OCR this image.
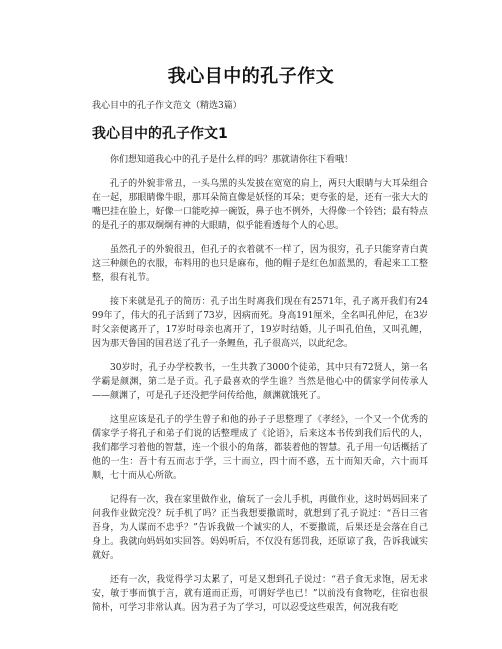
我心目中的孔子作文
我心目中的孔子作文范文（精选3篇）
我心目中的孔子作文1

你们想知道我心中的孔子是什么样的吗？那就请你往下看哦！

孔子的外貌非常丑，一头乌黑的头发披在宽宽的肩上，两只大眼睛与大耳朵组合在一起，那眼睛像牛眼，那耳朵简直像是妖怪的耳朵；更夸张的是，还有一张大大的嘴巴挂在脸上，好像一口能吃掉一碗饭，鼻子也不例外，大得像一个铃铛；最有特点的是孔子的那双炯炯有神的大眼睛，似乎能看透每个人的心思。

虽然孔子的外貌很丑，但孔子的衣着就不一样了，因为很穷，孔子只能穿青白黄这三种颜色的衣服，布料用的也只是麻布，他的帽子是红色加蓝黑的，看起来工工整整，很有礼节。

接下来就是孔子的简历：孔子出生时离我们现在有2571年，孔子离开我们有2499年了，伟大的孔子活到了73岁，因病而死。身高191厘米，全名叫孔仲尼，在3岁时父亲便离开了，17岁时母亲也离开了，19岁时结婚，儿子叫孔伯鱼，又叫孔鲤，因为那天鲁国的国君送了孔子一条鲤鱼，孔子很高兴，以此纪念。

30岁时，孔子办学校教书，一生共教了3000个徒弟，其中只有72贤人，第一名学霸是颜渊，第二是子贡。孔子最喜欢的学生谁？当然是他心中的儒家学问传承人——颜渊了，可是孔子还没把学问传给他，颜渊就饿死了。

这里应该是孔子的学生曾子和他的孙子子思整理了《孝经》，一个又一个优秀的儒家学子将孔子和弟子们说的话整理成了《论语》，后来这本书传到我们后代的人，我们都学习着他的智慧，连一个很小的角落，都装着他的智慧。孔子用一句话概括了他的一生：吾十有五而志于学，三十而立，四十而不惑，五十而知天命，六十而耳顺，七十而从心所欲。

记得有一次，我在家里做作业，偷玩了一会儿手机，再做作业，这时妈妈回来了问我作业做完没？玩手机了吗？正当我想要撒谎时，就想到了孔子说过：“吾日三省吾身，为人谋而不忠乎？”告诉我做一个诚实的人，不要撒谎，后果还是会落在自己身上。我就向妈妈如实回答。妈妈听后，不仅没有惩罚我，还原谅了我，告诉我诚实就好。

还有一次，我觉得学习太累了，可是又想到孔子说过：“君子食无求饱，居无求安，敏于事而慎于言，就有道而正焉，可谓好学也已！”以前没有食物吃，住宿也很简朴，可学习非常认真。因为君子为了学习，可以忍受这些艰苦，何况我有吃
